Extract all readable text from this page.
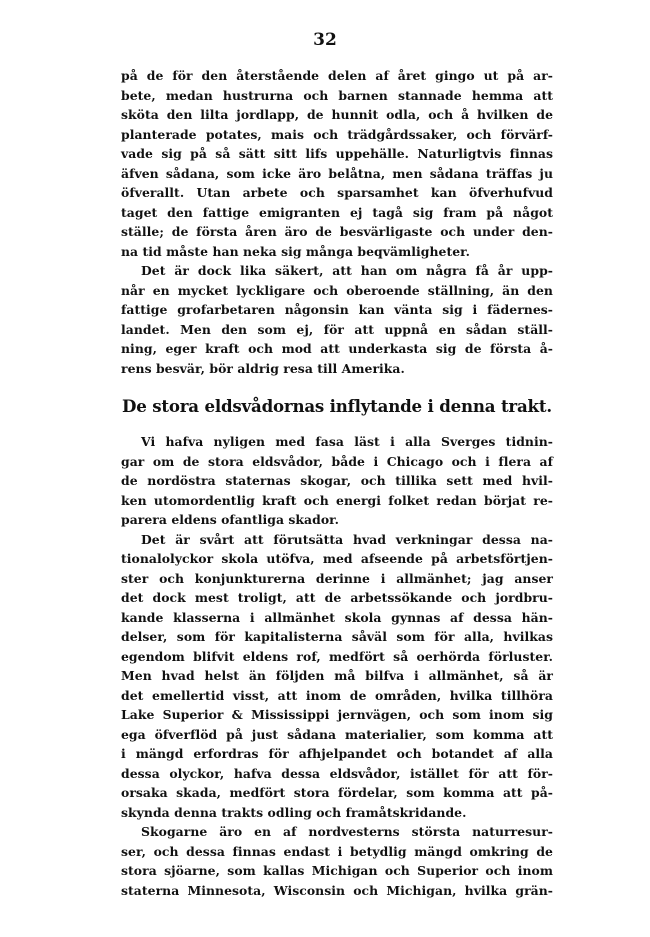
32

på de för den återstående delen af året gingo ut på ar-
bete, medan hustrurna och barnen stannade hemma att
sköta den lilta jordlapp, de hunnit odla, och å hvilken de
planterade potates, mais och trädgårdssaker, och förvärf-
vade sig på så sätt sitt lifs uppehälle. Naturligtvis finnas
äfven sådana, som icke äro belåtna, men sådana träffas ju
öfverallt. Utan arbete och sparsamhet kan öfverhufvud
taget den fattige emigranten ej tagå sig fram på något
ställe; de första åren äro de besvärligaste och under den-
na tid måste han neka sig många beqvämligheter.

Det är dock lika säkert, att han om några få år upp-
når en mycket lyckligare och oberoende ställning, än den
fattige grofarbetaren någonsin kan vänta sig i fädernes-
landet. Men den som ej, för att uppnå en sådan ställ-
ning, eger kraft och mod att underkasta sig de första å-
rens besvär, bör aldrig resa till Amerika.

De stora eldsvådornas inflytande i denna trakt.

Vi hafva nyligen med fasa läst i alla Sverges tidnin-
gar om de stora eldsvådor, både i Chicago och i flera af
de nordöstra staternas skogar, och tillika sett med hvil-
ken utomordentlig kraft och energi folket redan börjat re-
parera eldens ofantliga skador.

Det är svårt att förutsätta hvad verkningar dessa na-
tionalolyckor skola utöfva, med afseende på arbetsförtjen-
ster och konjunkturerna derinne i allmänhet; jag anser
det dock mest troligt, att de arbetssökande och jordbru-
kande klasserna i allmänhet skola gynnas af dessa hän-
delser, som för kapitalisterna såväl som för alla, hvilkas
egendom blifvit eldens rof, medfört så oerhörda förluster.
Men hvad helst än följden må bilfva i allmänhet, så är
det emellertid visst, att inom de områden, hvilka tillhöra
Lake Superior & Mississippi jernvägen, och som inom sig
ega öfverflöd på just sådana materialier, som komma att
i mängd erfordras för afhjelpandet och botandet af alla
dessa olyckor, hafva dessa eldsvådor, istället för att för-
orsaka skada, medfört stora fördelar, som komma att på-
skynda denna trakts odling och framåtskridande.

Skogarne äro en af nordvesterns största naturresur-
ser, och dessa finnas endast i betydlig mängd omkring de
stora sjöarne, som kallas Michigan och Superior och inom
staterna Minnesota, Wisconsin och Michigan, hvilka grän-
